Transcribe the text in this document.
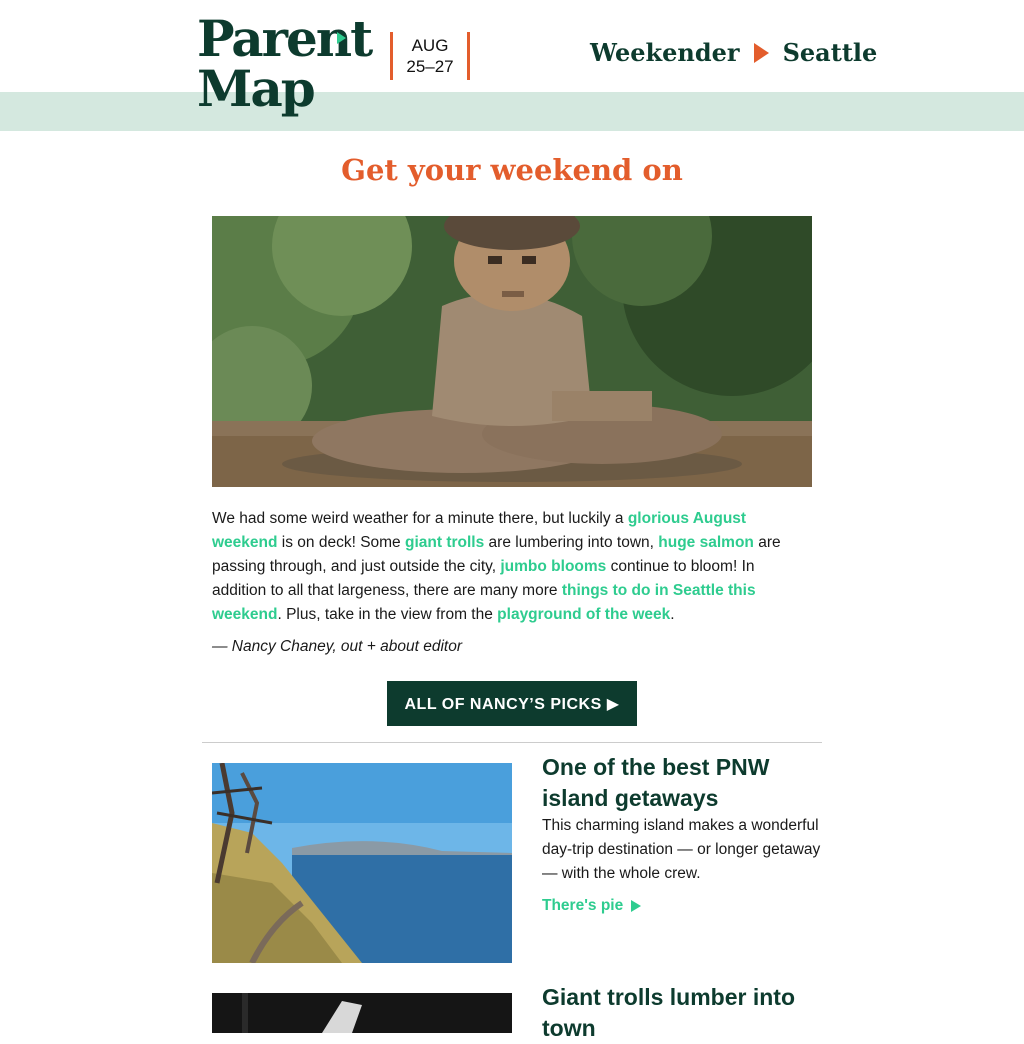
Parent
Map
AUG
25–27	Weekender Seattle
Get your weekend on
We had some weird weather for a minute there, but luckily a glorious August weekend is on deck! Some giant trolls are lumbering into town, huge salmon are passing through, and just outside the city, jumbo blooms continue to bloom! In addition to all that largeness, there are many more things to do in Seattle this weekend. Plus, take in the view from the playground of the week.
— Nancy Chaney, out + about editor
ALL OF NANCY’S PICKS ▶
One of the best PNW island getaways
This charming island makes a wonderful day-trip destination — or longer getaway — with the whole crew.
There's pie
Giant trolls lumber into town
